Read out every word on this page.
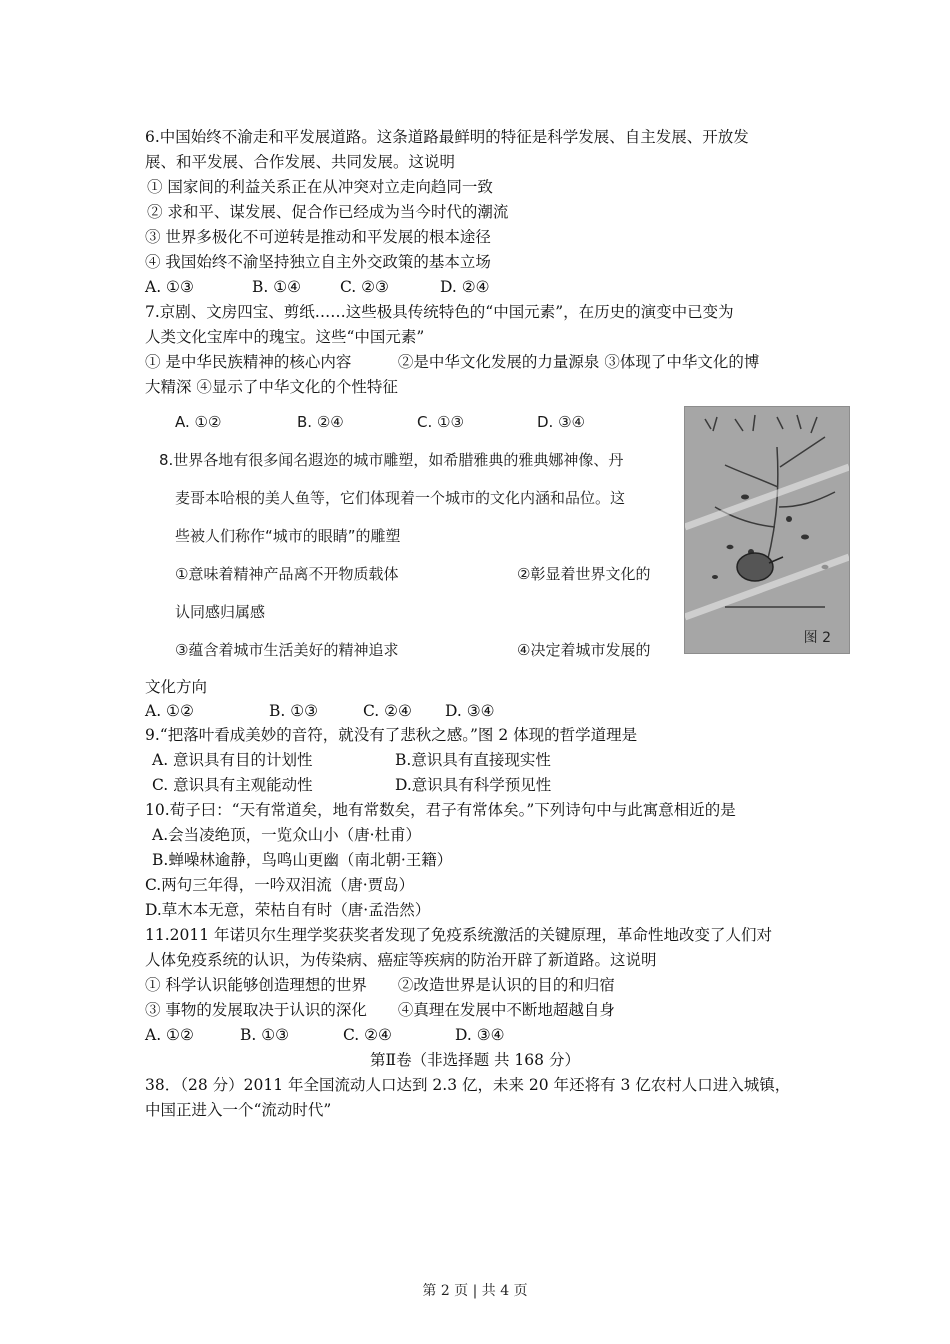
6.中国始终不渝走和平发展道路。这条道路最鲜明的特征是科学发展、自主发展、开放发
展、和平发展、合作发展、共同发展。这说明
① 国家间的利益关系正在从冲突对立走向趋同一致
② 求和平、谋发展、促合作已经成为当今时代的潮流
③ 世界多极化不可逆转是推动和平发展的根本途径
④ 我国始终不渝坚持独立自主外交政策的基本立场
A. ①③	B. ①④	C. ②③	D. ②④
7.京剧、文房四宝、剪纸……这些极具传统特色的“中国元素”，在历史的演变中已变为
人类文化宝库中的瑰宝。这些“中国元素”
① 是中华民族精神的核心内容　　　②是中华文化发展的力量源泉 ③体现了中华文化的博
大精深 ④显示了中华文化的个性特征
A. ①②	B. ②④	C. ①③	D. ③④
8.世界各地有很多闻名遐迩的城市雕塑，如希腊雅典的雅典娜神像、丹
麦哥本哈根的美人鱼等，它们体现着一个城市的文化内涵和品位。这
些被人们称作“城市的眼睛”的雕塑
①意味着精神产品离不开物质载体	②彰显着世界文化的
认同感归属感
③蕴含着城市生活美好的精神追求	④决定着城市发展的
图 2
文化方向
A. ①②	B. ①③	C. ②④ D. ③④
9.“把落叶看成美妙的音符，就没有了悲秋之感。”图 2 体现的哲学道理是
A. 意识具有目的计划性	B.意识具有直接现实性
C. 意识具有主观能动性	D.意识具有科学预见性
10.荀子曰：“天有常道矣，地有常数矣，君子有常体矣。”下列诗句中与此寓意相近的是
A.会当凌绝顶，一览众山小（唐·杜甫）
B.蝉噪林逾静，鸟鸣山更幽（南北朝·王籍）
C.两句三年得，一吟双泪流（唐·贾岛）
D.草木本无意，荣枯自有时（唐·孟浩然）
11.2011 年诺贝尔生理学奖获奖者发现了免疫系统激活的关键原理，革命性地改变了人们对
人体免疫系统的认识，为传染病、癌症等疾病的防治开辟了新道路。这说明
① 科学认识能够创造理想的世界　　②改造世界是认识的目的和归宿
③ 事物的发展取决于认识的深化　　④真理在发展中不断地超越自身
A. ①②	B. ①③	C. ②④	D. ③④
第Ⅱ卷（非选择题 共 168 分）
38．（28 分）2011 年全国流动人口达到 2.3 亿，未来 20 年还将有 3 亿农村人口进入城镇，
中国正进入一个“流动时代”
第 2 页 | 共 4 页
